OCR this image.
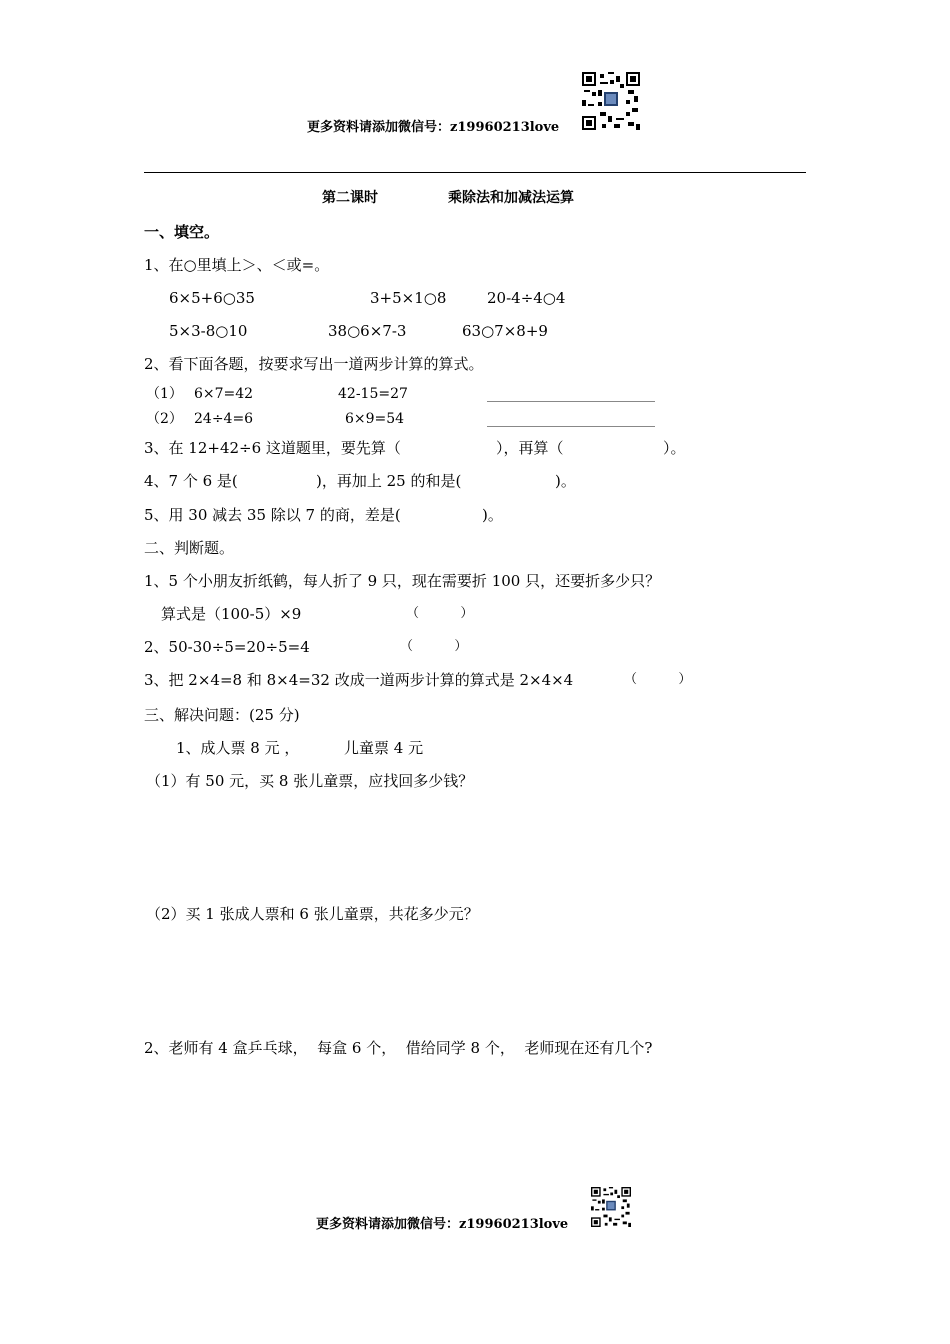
更多资料请添加微信号：z19960213love
第二课时	乘除法和加减法运算
一、填空。
1、在○里填上＞、＜或=。
6×5+6○35	3+5×1○8	20-4÷4○4
5×3-8○10	38○6×7-3	63○7×8+9
2、看下面各题，按要求写出一道两步计算的算式。
（1） 6×7=42	42-15=27
（2） 24÷4=6	6×9=54
3、在 12+42÷6 这道题里，要先算（	），再算（	）。
4、7 个 6 是(	)，再加上 25 的和是(	)。
5、用 30 减去 35 除以 7 的商，差是(	)。
二、判断题。
1、5 个小朋友折纸鹤，每人折了 9 只，现在需要折 100 只，还要折多少只？
算式是（100-5）×9	（          ）
2、50-30÷5=20÷5=4	（          ）
3、把 2×4=8 和 8×4=32 改成一道两步计算的算式是 2×4×4	（          ）
三、解决问题：(25 分)
1、成人票 8 元 ，	儿童票 4 元
（1）有 50 元，买 8 张儿童票，应找回多少钱？
（2）买 1 张成人票和 6 张儿童票，共花多少元？
2、老师有 4 盒乒乓球，  每盒 6 个，  借给同学 8 个，  老师现在还有几个?
更多资料请添加微信号：z19960213love
